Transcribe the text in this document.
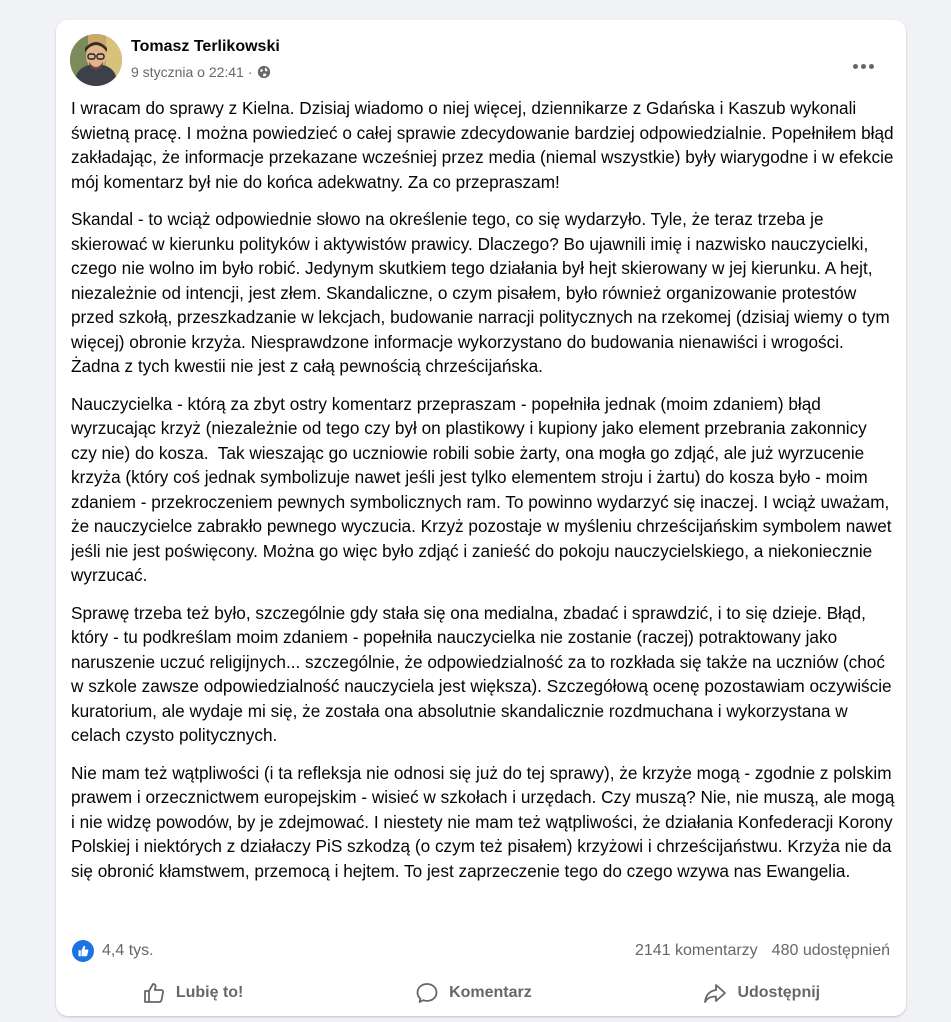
Tomasz Terlikowski
9 stycznia o 22:41 ·

I wracam do sprawy z Kielna. Dzisiaj wiadomo o niej więcej, dziennikarze z Gdańska i Kaszub wykonali świetną pracę. I można powiedzieć o całej sprawie zdecydowanie bardziej odpowiedzialnie. Popełniłem błąd zakładając, że informacje przekazane wcześniej przez media (niemal wszystkie) były wiarygodne i w efekcie mój komentarz był nie do końca adekwatny. Za co przepraszam!

Skandal - to wciąż odpowiednie słowo na określenie tego, co się wydarzyło. Tyle, że teraz trzeba je skierować w kierunku polityków i aktywistów prawicy. Dlaczego? Bo ujawnili imię i nazwisko nauczycielki, czego nie wolno im było robić. Jedynym skutkiem tego działania był hejt skierowany w jej kierunku. A hejt, niezależnie od intencji, jest złem. Skandaliczne, o czym pisałem, było również organizowanie protestów przed szkołą, przeszkadzanie w lekcjach, budowanie narracji politycznych na rzekomej (dzisiaj wiemy o tym więcej) obronie krzyża. Niesprawdzone informacje wykorzystano do budowania nienawiści i wrogości. Żadna z tych kwestii nie jest z całą pewnością chrześcijańska.

Nauczycielka - którą za zbyt ostry komentarz przepraszam - popełniła jednak (moim zdaniem) błąd wyrzucając krzyż (niezależnie od tego czy był on plastikowy i kupiony jako element przebrania zakonnicy czy nie) do kosza.  Tak wieszając go uczniowie robili sobie żarty, ona mogła go zdjąć, ale już wyrzucenie krzyża (który coś jednak symbolizuje nawet jeśli jest tylko elementem stroju i żartu) do kosza było - moim zdaniem - przekroczeniem pewnych symbolicznych ram. To powinno wydarzyć się inaczej. I wciąż uważam, że nauczycielce zabrakło pewnego wyczucia. Krzyż pozostaje w myśleniu chrześcijańskim symbolem nawet jeśli nie jest poświęcony. Można go więc było zdjąć i zanieść do pokoju nauczycielskiego, a niekoniecznie wyrzucać.

Sprawę trzeba też było, szczególnie gdy stała się ona medialna, zbadać i sprawdzić, i to się dzieje. Błąd, który - tu podkreślam moim zdaniem - popełniła nauczycielka nie zostanie (raczej) potraktowany jako naruszenie uczuć religijnych... szczególnie, że odpowiedzialność za to rozkłada się także na uczniów (choć w szkole zawsze odpowiedzialność nauczyciela jest większa). Szczegółową ocenę pozostawiam oczywiście kuratorium, ale wydaje mi się, że została ona absolutnie skandalicznie rozdmuchana i wykorzystana w celach czysto politycznych.

Nie mam też wątpliwości (i ta refleksja nie odnosi się już do tej sprawy), że krzyże mogą - zgodnie z polskim prawem i orzecznictwem europejskim - wisieć w szkołach i urzędach. Czy muszą? Nie, nie muszą, ale mogą i nie widzę powodów, by je zdejmować. I niestety nie mam też wątpliwości, że działania Konfederacji Korony Polskiej i niektórych z działaczy PiS szkodzą (o czym też pisałem) krzyżowi i chrześcijaństwu. Krzyża nie da się obronić kłamstwem, przemocą i hejtem. To jest zaprzeczenie tego do czego wzywa nas Ewangelia.

4,4 tys.	2141 komentarzy 480 udostępnień
Lubię to!	Komentarz	Udostępnij
